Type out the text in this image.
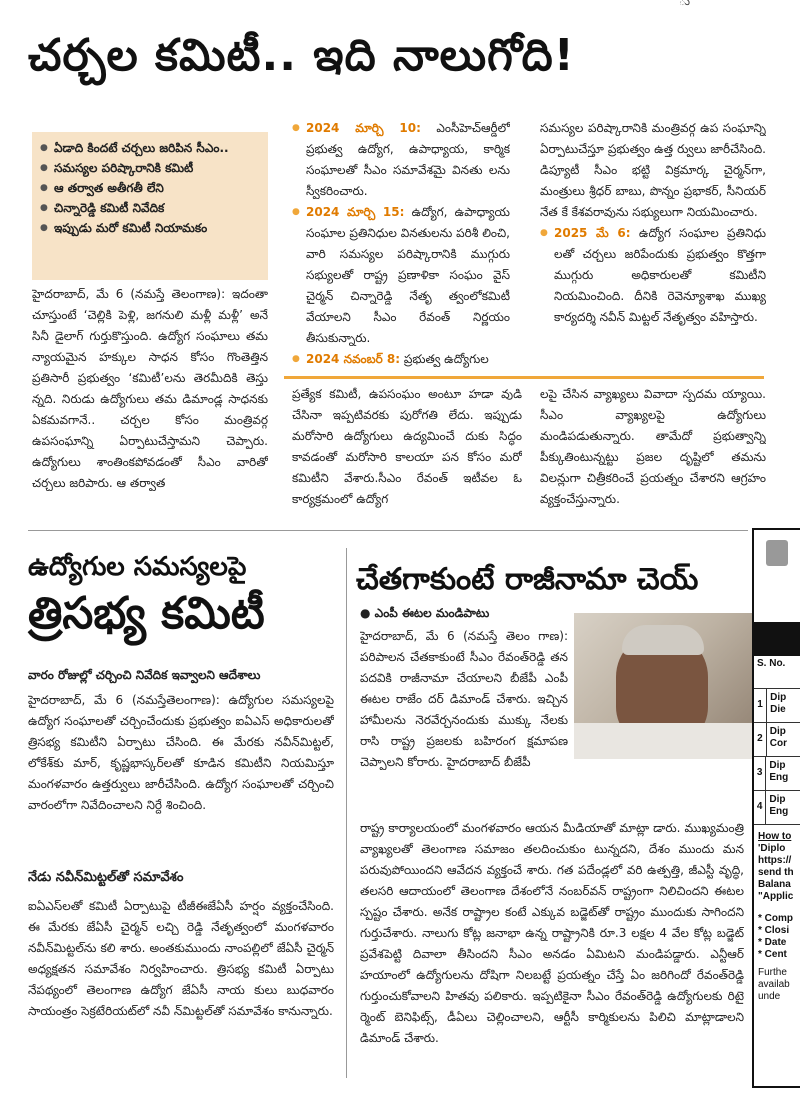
ు
చర్చల కమిటీ.. ఇది నాలుగోది!
● ఏడాది కిందటే చర్చలు జరిపిన సీఎం..
● సమస్యల పరిష్కారానికి కమిటీ
● ఆ తర్వాత అతీగతీ లేని
● చిన్నారెడ్డి కమిటీ నివేదిక
● ఇప్పుడు మరో కమిటీ నియామకం
హైదరాబాద్, మే 6 (నమస్తే తెలంగాణ): ఇదంతా చూస్తుంటే ‘చెల్లికి పెళ్లి, జగనులి మళ్లీ మళ్లీ’ అనే సినీ డైలాగ్ గుర్తుకొస్తుంది. ఉద్యోగ సంఘాలు తమ న్యాయమైన హక్కుల సాధన కోసం గొంతెత్తిన ప్రతిసారీ ప్రభుత్వం ‘కమిటీ’లను తెరమీదికి తెస్తు న్నది. నిరుడు ఉద్యోగులు తమ డిమాండ్ల సాధనకు ఏకమవగానే.. చర్చల కోసం మంత్రివర్గ ఉపసంఘాన్ని ఏర్పాటుచేస్తామని చెప్పారు. ఉద్యోగులు శాంతింకపోవడంతో సీఎం వారితో చర్చలు జరిపారు. ఆ తర్వాత
● 2024 మార్చి 10: ఎంసీహెచ్ఆర్డీలో ప్రభుత్వ ఉద్యోగ, ఉపాధ్యాయ, కార్మిక సంఘాలతో సీఎం సమావేశమై వినతు లను స్వీకరించారు.
● 2024 మార్చి 15: ఉద్యోగ, ఉపాధ్యాయ సంఘాల ప్రతినిధుల వినతులను పరిశీ లించి, వారి సమస్యల పరిష్కారానికి ముగ్గురు సభ్యులతో రాష్ట్ర ప్రణాళికా సంఘం వైస్ చైర్మన్ చిన్నారెడ్డి నేతృ త్వంలోకమిటీ వేయాలని సీఎం రేవంత్ నిర్ణయం తీసుకున్నారు.
● 2024 నవంబర్ 8: ప్రభుత్వ ఉద్యోగుల
సమస్యల పరిష్కారానికి మంత్రివర్గ ఉప సంఘాన్ని ఏర్పాటుచేస్తూ ప్రభుత్వం ఉత్త ర్వులు జారీచేసింది. డిప్యూటీ సీఎం భట్టి విక్రమార్క చైర్మన్‌గా, మంత్రులు శ్రీధర్ బాబు, పొన్నం ప్రభాకర్, సీనియర్ నేత కే కేశవరావును సభ్యులుగా నియమించారు.
● 2025 మే 6: ఉద్యోగ సంఘాల ప్రతినిధు లతో చర్చలు జరిపేందుకు ప్రభుత్వం కొత్తగా ముగ్గురు అధికారులతో కమిటీని నియమించింది. దీనికి రెవెన్యూశాఖ ముఖ్య కార్యదర్శి నవీన్ మిట్టల్ నేతృత్వం వహిస్తారు.
ప్రత్యేక కమిటీ, ఉపసంఘం అంటూ హడా వుడి చేసినా ఇప్పటివరకు పురోగతి లేదు. ఇప్పుడు మరోసారి ఉద్యోగులు ఉద్యమించే దుకు సిద్ధం కావడంతో మరోసారి కాలయా పన కోసం మరో కమిటీని వేశారు.సీఎం రేవంత్ ఇటీవల ఓ కార్యక్రమంలో ఉద్యోగ
లపై చేసిన వ్యాఖ్యలు వివాదా స్పదమ య్యాయి. సీఎం వ్యాఖ్యలపై ఉద్యోగులు మండిపడుతున్నారు. తామేదో ప్రభుత్వాన్ని పీక్కుతింటున్నట్టు ప్రజల దృష్టిలో తమను విలన్లుగా చిత్రీకరించే ప్రయత్నం చేశారని ఆగ్రహం వ్యక్తంచేస్తున్నారు.
ఉద్యోగుల సమస్యలపై
త్రిసభ్య కమిటీ
వారం రోజుల్లో చర్చించి నివేదిక ఇవ్వాలని ఆదేశాలు
హైదరాబాద్, మే 6 (నమస్తేతెలంగాణ): ఉద్యోగుల సమస్యలపై ఉద్యోగ సంఘాలతో చర్చించేందుకు ప్రభుత్వం ఐఏఎస్ అధికారులతో త్రిసభ్య కమిటీని ఏర్పాటు చేసింది. ఈ మేరకు నవీన్‌మిట్టల్, లోకేశ్‌కు మార్, కృష్ణభాస్కర్‌లతో కూడిన కమిటీని నియమిస్తూ మంగళవారం ఉత్తర్వులు జారీచేసింది. ఉద్యోగ సంఘాలతో చర్చించి వారంలోగా నివేదించాలని నిర్దే శించింది.
నేడు నవీన్‌మిట్టల్‌తో సమావేశం
ఐఏఎస్‌లతో కమిటీ ఏర్పాటుపై టీజీఈజేఏసీ హర్షం వ్యక్తంచేసింది. ఈ మేరకు జేఏసీ చైర్మన్ లచ్చి రెడ్డి నేతృత్వంలో మంగళవారం నవీన్‌మిట్టల్‌ను కలి శారు. అంతకుముందు నాంపల్లిలో జేఏసీ చైర్మన్ అధ్యక్షతన సమావేశం నిర్వహించారు. త్రిసభ్య కమిటీ ఏర్పాటు నేపథ్యంలో తెలంగాణ ఉద్యోగ జేఏసీ నాయ కులు బుధవారం సాయంత్రం సెక్రటేరియట్‌లో నవీ న్‌మిట్టల్‌తో సమావేశం కానున్నారు.
చేతగాకుంటే రాజీనామా చెయ్
● ఎంపీ ఈటల మండిపాటు
హైదరాబాద్, మే 6 (నమస్తే తెలం గాణ): పరిపాలన చేతకాకుంటే సీఎం రేవంత్‌రెడ్డి తన పదవికి రాజీనామా చేయాలని బీజేపీ ఎంపీ ఈటల రాజేం దర్ డిమాండ్ చేశారు. ఇచ్చిన హామీలను నెరవేర్చనందుకు ముక్కు నేలకు రాసి రాష్ట్ర ప్రజలకు బహిరంగ క్షమాపణ చెప్పాలని కోరారు. హైదరాబాద్ బీజేపీ
రాష్ట్ర కార్యాలయంలో మంగళవారం ఆయన మీడియాతో మాట్లా డారు. ముఖ్యమంత్రి వ్యాఖ్యలతో తెలంగాణ సమాజం తలదించుకుం టున్నదని, దేశం ముందు మన పరువుపోయిందని ఆవేదన వ్యక్తంచే శారు. గత పదేండ్లలో వరి ఉత్పత్తి, జీఎస్టీ వృద్ధి, తలసరి ఆదాయంలో తెలంగాణ దేశంలోనే నంబర్‌వన్ రాష్ట్రంగా నిలిచిందని ఈటల స్పష్టం చేశారు. అనేక రాష్ట్రాల కంటే ఎక్కువ బడ్జెట్‌తో రాష్ట్రం ముందుకు సాగిందని గుర్తుచేశారు. నాలుగు కోట్ల జనాభా ఉన్న రాష్ట్రానికి రూ.3 లక్షల 4 వేల కోట్ల బడ్జెట్ ప్రవేశపెట్టి దివాలా తీసిందని సీఎం అనడం ఏమిటని మండిపడ్డారు. ఎన్టీఆర్ హయాంలో ఉద్యోగులను దోషిగా నిలబట్టే ప్రయత్నం చేస్తే ఏం జరిగిందో రేవంత్‌రెడ్డి గుర్తుంచుకోవాలని హితవు పలికారు. ఇప్పటికైనా సీఎం రేవంత్‌రెడ్డి ఉద్యోగులకు రిటై ర్మెంట్ బెనిఫిట్స్, డీఏలు చెల్లించాలని, ఆర్టీసీ కార్మికులను పిలిచి మాట్లాడాలని డిమాండ్ చేశారు.
S. No.
1
Dip Die
2
Dip Cor
3
Dip Eng
4
Dip Eng

How to

'Diplo

https://

send th

Balana

"Applic

* Comp

* Closi

* Date

* Cent

Furthe

availab

unde
